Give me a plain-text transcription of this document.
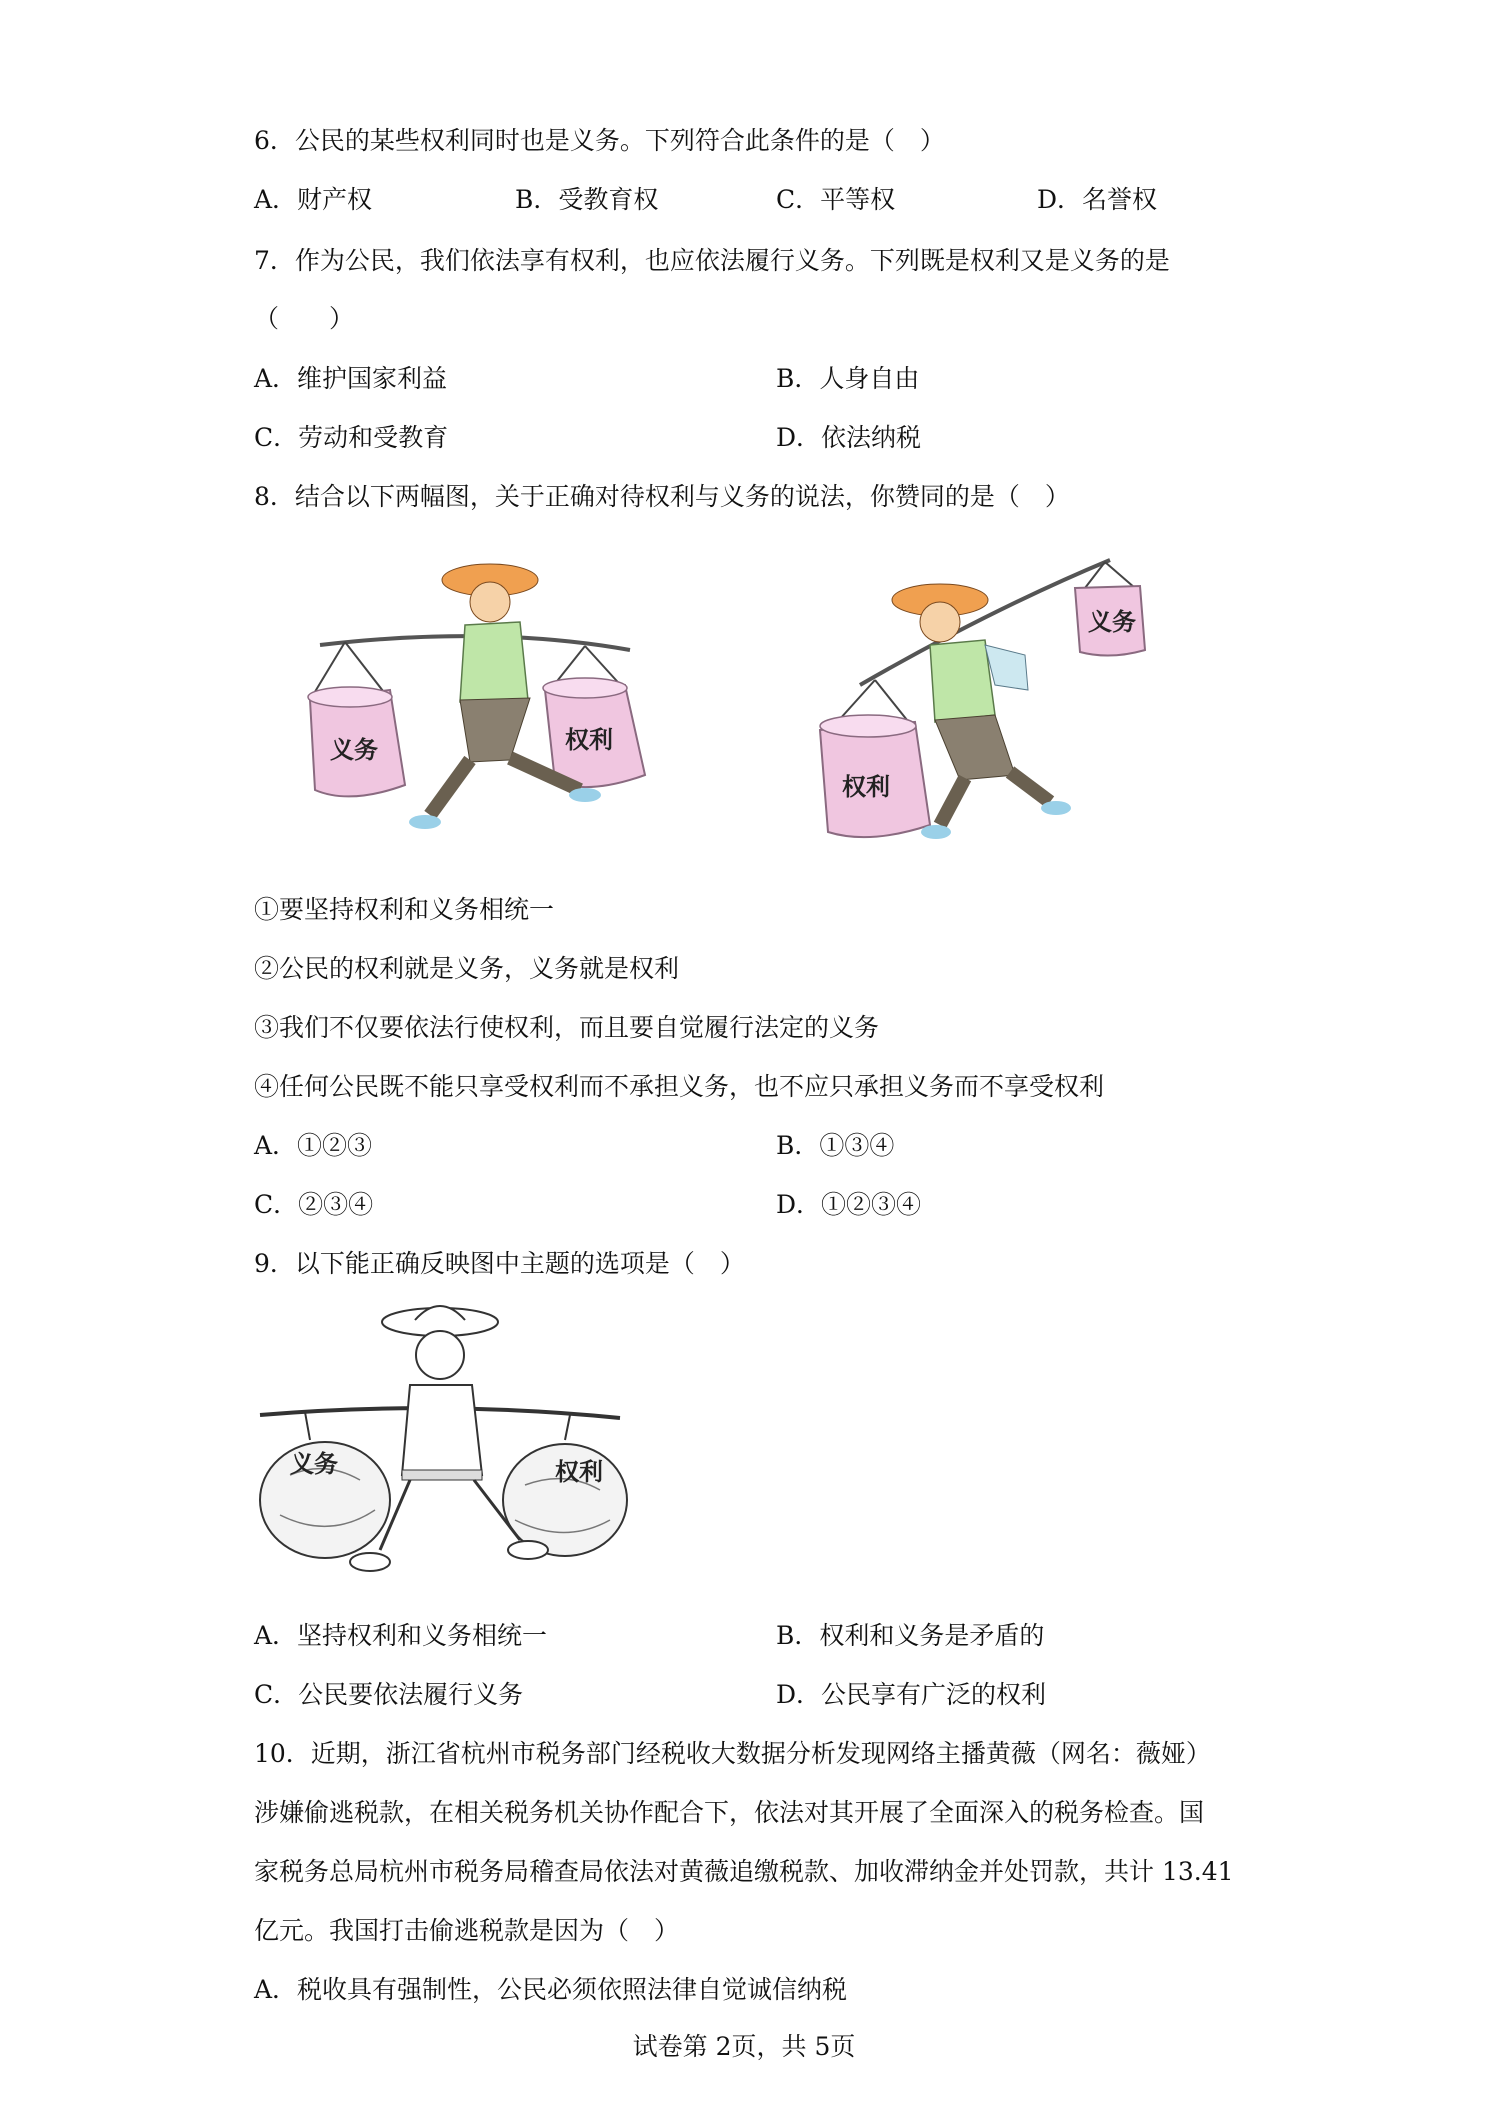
6．公民的某些权利同时也是义务。下列符合此条件的是（　）
A．财产权	B．受教育权	C．平等权	D．名誉权
7．作为公民，我们依法享有权利，也应依法履行义务。下列既是权利又是义务的是
（　　）
A．维护国家利益	B．人身自由
C．劳动和受教育	D．依法纳税
8．结合以下两幅图，关于正确对待权利与义务的说法，你赞同的是（　）
义务	权利
权利
义务
①要坚持权利和义务相统一
②公民的权利就是义务，义务就是权利
③我们不仅要依法行使权利，而且要自觉履行法定的义务
④任何公民既不能只享受权利而不承担义务，也不应只承担义务而不享受权利
A．①②③	B．①③④
C．②③④	D．①②③④
9．以下能正确反映图中主题的选项是（　）
义务	权利
A．坚持权利和义务相统一	B．权利和义务是矛盾的
C．公民要依法履行义务	D．公民享有广泛的权利
10．近期，浙江省杭州市税务部门经税收大数据分析发现网络主播黄薇（网名：薇娅）
涉嫌偷逃税款，在相关税务机关协作配合下，依法对其开展了全面深入的税务检查。国
家税务总局杭州市税务局稽查局依法对黄薇追缴税款、加收滞纳金并处罚款，共计 13.41
亿元。我国打击偷逃税款是因为（　）
A．税收具有强制性，公民必须依照法律自觉诚信纳税
试卷第 2页，共 5页
